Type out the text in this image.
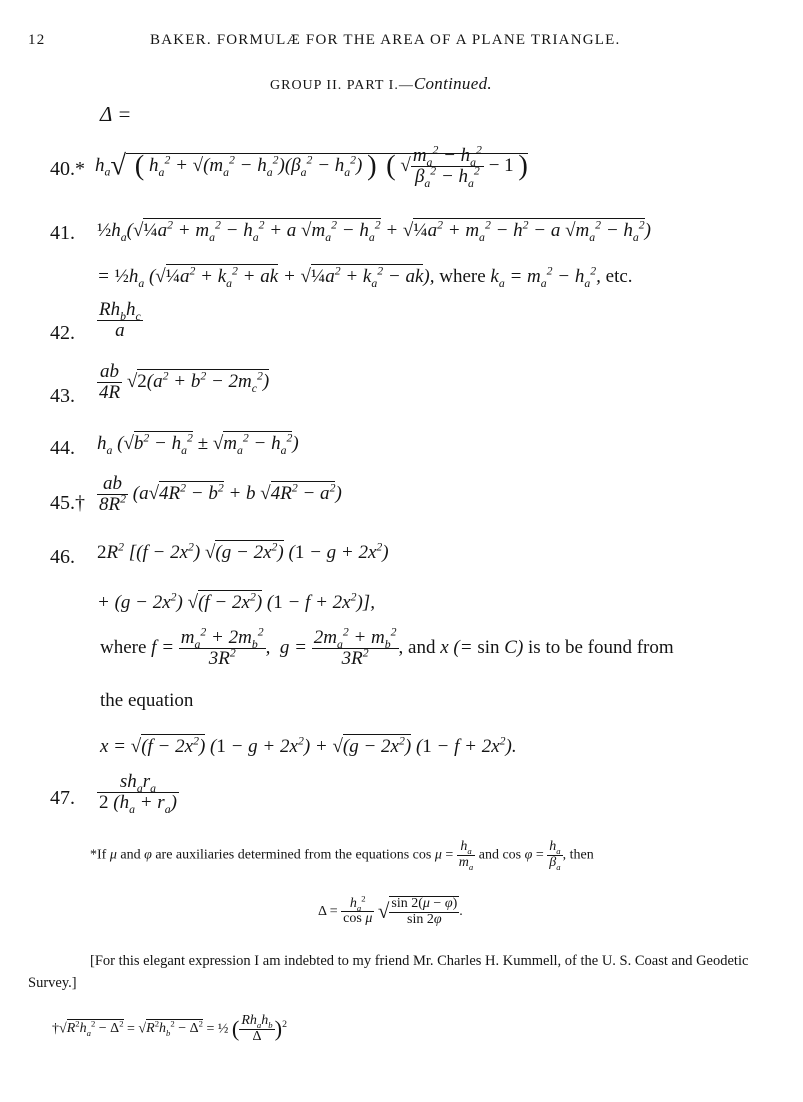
12	BAKER. FORMULÆ FOR THE AREA OF A PLANE TRIANGLE.
GROUP II. PART I.—Continued.
Δ =
40.* $h_a√$ ( $h_a^2 + √(m_a^2 - h_a^2)(\beta_a^2 - h_a^2)$ ) ( √ $\frac{m_a^2 - h_a^2}{\beta_a^2 - h_a^2} - 1$ )
41. $\frac{1}{2}h_a(√\frac{1}{4}a^2 + m_a^2 - h_a^2 + a$ $√m_a^2 - h_a^2$ + $√\frac{1}{4}a^2 + m_a^2 - h^2 - a$ $√m_a^2 - h_a^2$)
= $\frac{1}{2}h_a$ ($√\frac{1}{4}a^2 + k_a^2$ + ak + $√\frac{1}{4}a^2 + k_a^2 - ak$), where $k_a = m_a^2 - h_a^2$, etc.
42. $\frac{Rh_bh_c}{a}$
43. $\frac{ab}{4R} √2(a^2 + b^2 - 2m_c^2)$
44. $h_a$ $(√b^2 - h_a^2 \pm √m_a^2 - h_a^2)$
45.† $\frac{ab}{8R^2} (a√4R^2 - b^2 + b$ $√4R^2 - a^2$)
46. $2R^2$ [$(f - 2x^2)$ $√(g - 2x^2)$ $(1 - g + 2x^2)$
+ $(g - 2x^2)$ $√(f - 2x^2)$ $(1 - f + 2x^2)$],
where $f = \frac{m_a^2 + 2m_b^2}{3R^2}$ ,  $g = \frac{2m_a^2 + m_b^2}{3R^2}$ , and x (= sin C) is to be found from
the equation
$x = √(f - 2x^2)$ $(1 - g + 2x^2) + √(g - 2x^2)$ $(1 - f + 2x^2)$.
47. $\frac{sh_ar_a}{2 (h_a + r_a)}$
*If μ and φ are auxiliaries determined from the equations $\cos \mu = \frac{h_a}{m_a}$ and $\cos \varphi = \frac{h_a}{\beta_a}$ , then
$\Delta = \frac{h_a^2}{\text{cos μ}}$ √ $\frac{\sin 2(\mu - \varphi)}{\sin 2\varphi}$ .
[For this elegant expression I am indebted to my friend Mr. Charles H. Kummell, of the U. S. Coast and Geodetic Survey.]
$\dagger√R^2h_a^2 - \Delta^2 = √R^2h_b^2 - \Delta^2$ = ½ ( $\frac{Rh_ah_b}{\Delta} )^2$
